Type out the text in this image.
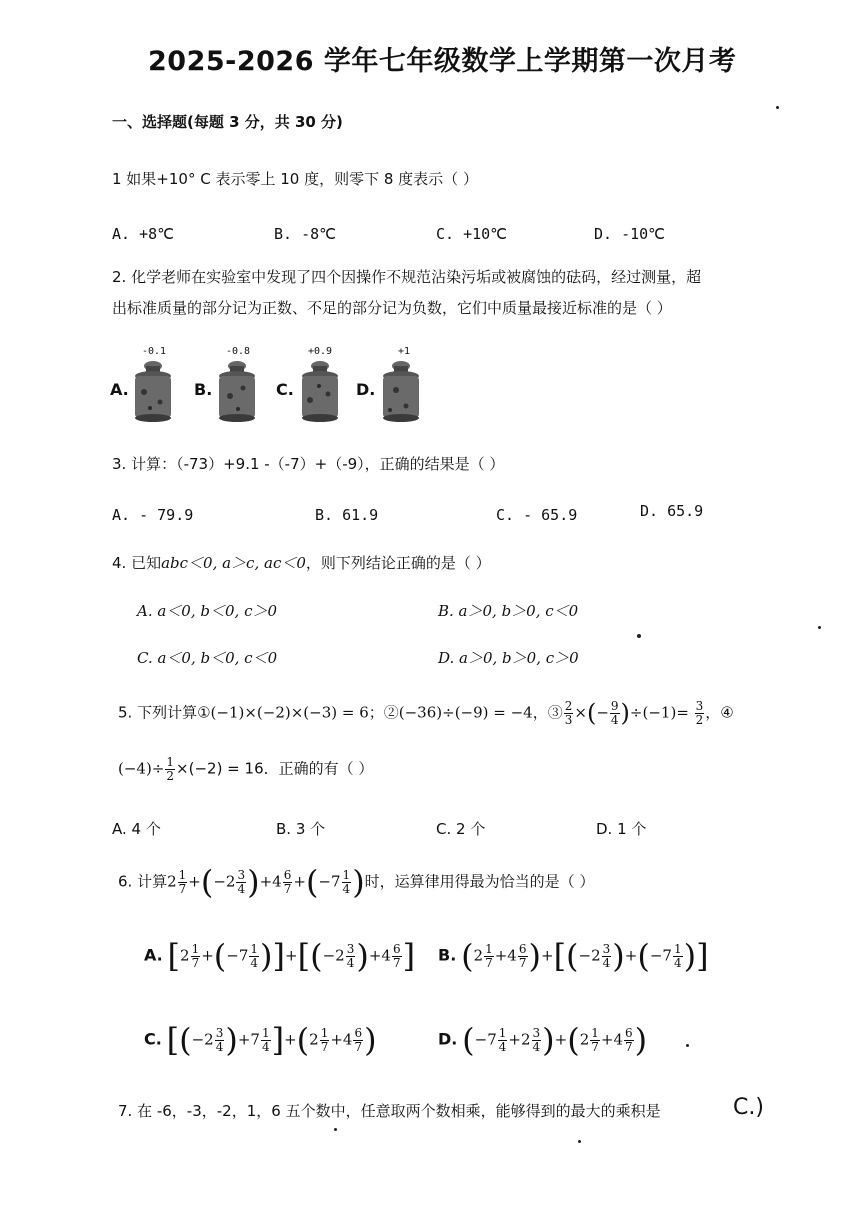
2025-2026 学年七年级数学上学期第一次月考
一、选择题(每题 3 分，共 30 分)
1 如果+10° C 表示零上 10 度，则零下 8 度表示（ ）
A. +8℃	B. -8℃	C. +10℃	D. -10℃
2. 化学老师在实验室中发现了四个因操作不规范沾染污垢或被腐蚀的砝码，经过测量，超
出标准质量的部分记为正数、不足的部分记为负数，它们中质量最接近标准的是（ ）
A.
-0.1
B.
-0.8
C.
+0.9
D.
+1
3. 计算：（-73）+9.1 -（-7）+（-9），正确的结果是（ ）
A. - 79.9	B. 61.9	C. - 65.9	D. 65.9
4. 已知abc＜0, a＞c, ac＜0，则下列结论正确的是（ ）
A. a＜0, b＜0, c＞0	B. a＞0, b＞0, c＜0
C. a＜0, b＜0, c＜0	D. a＞0, b＞0, c＞0
5. 下列计算①(−1)×(−2)×(−3) = 6；②(−36)÷(−9) = −4，③ $\frac{2}{3}$ ×(− $\frac{9}{4} )\div(-1)= \frac{3}{2}$ ，④
$(-4)\div \frac{1}{2} \times(-2) = 16$．正确的有（ ）
A. 4 个	B. 3 个	C. 2 个	D. 1 个
6. 计算$2 \frac{1}{7} +(-2 \frac{3}{4} )+4 \frac{6}{7} +(-7 \frac{1}{4}$ )时，运算律用得最为恰当的是（ ）
A. $[2 \frac{1}{7} +(-7 \frac{1}{4} )]+[(-2 \frac{3}{4} )+4 \frac{6}{7}$ ] B. $(2 \frac{1}{7} +4 \frac{6}{7} )+[(-2 \frac{3}{4} )+(-7 \frac{1}{4}$ )]
C. $[(-2 \frac{3}{4} )+7 \frac{1}{4} ]+(2 \frac{1}{7} +4 \frac{6}{7}$ )	D. $(-7 \frac{1}{4} +2 \frac{3}{4} )+(2 \frac{1}{7} +4 \frac{6}{7}$ )
7. 在 -6，-3，-2，1，6 五个数中，任意取两个数相乘，能够得到的最大的乘积是	C.)
